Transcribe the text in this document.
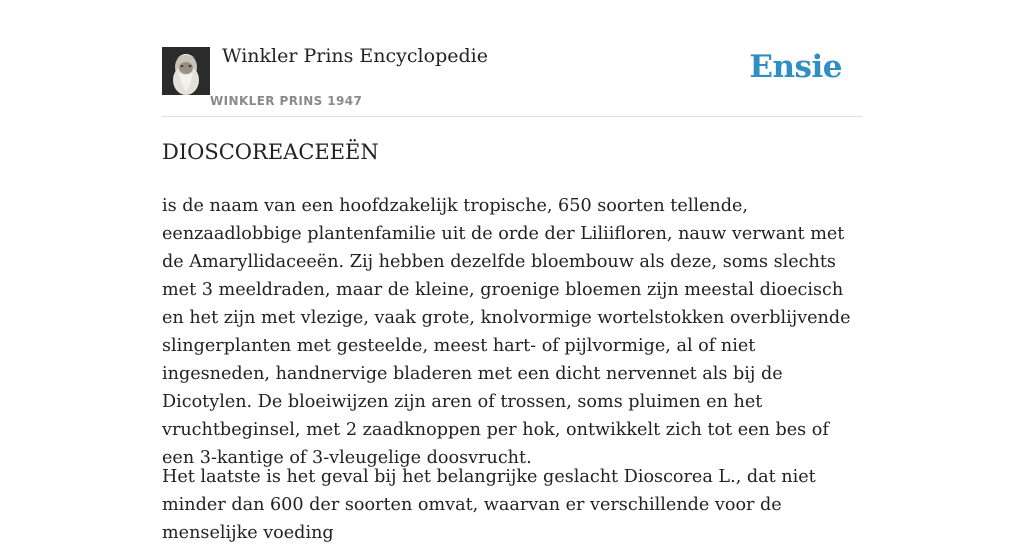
Winkler Prins Encyclopedie
WINKLER PRINS 1947
Ensie
DIOSCOREACEEËN

is de naam van een hoofdzakelijk tropische, 650 soorten tellende, eenzaadlobbige plantenfamilie uit de orde der Liliifloren, nauw verwant met de Amaryllidaceeën. Zij hebben dezelfde bloembouw als deze, soms slechts met 3 meeldraden, maar de kleine, groenige bloemen zijn meestal dioecisch en het zijn met vlezige, vaak grote, knolvormige wortelstokken overblijvende slingerplanten met gesteelde, meest hart- of pijlvormige, al of niet ingesneden, handnervige bladeren met een dicht nervennet als bij de Dicotylen. De bloeiwijzen zijn aren of trossen, soms pluimen en het vruchtbeginsel, met 2 zaadknoppen per hok, ontwikkelt zich tot een bes of een 3-kantige of 3-vleugelige doosvrucht.

Het laatste is het geval bij het belangrijke geslacht Dioscorea L., dat niet minder dan 600 der soorten omvat, waarvan er verschillende voor de menselijke voeding
